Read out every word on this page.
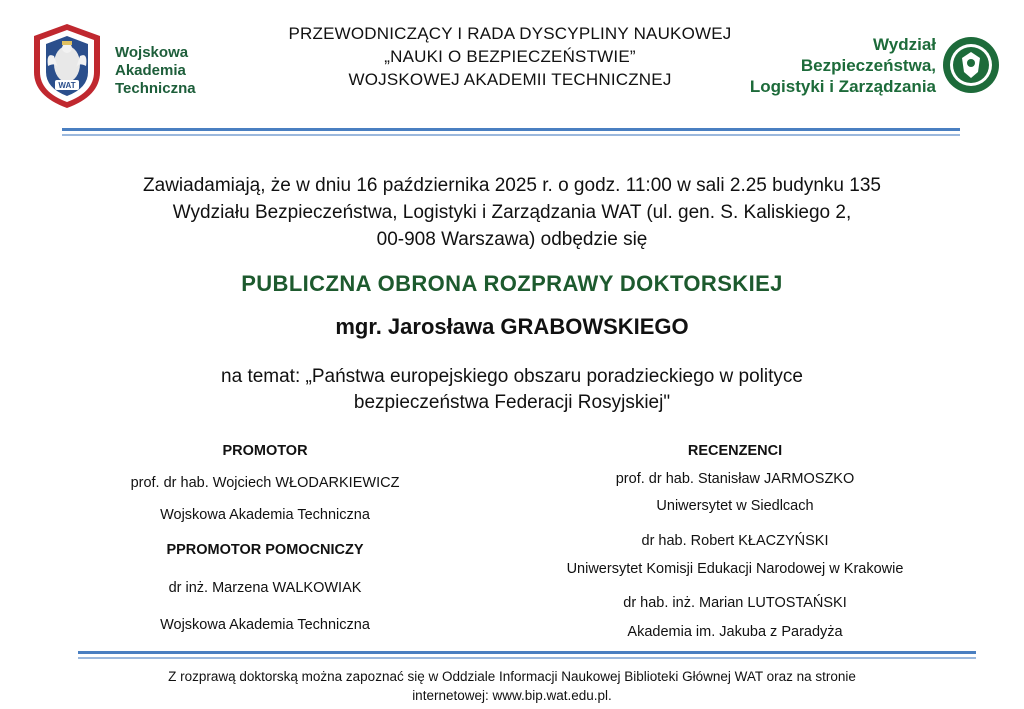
WAT
Wojskowa
Akademia
Techniczna
PRZEWODNICZĄCY I RADA DYSCYPLINY NAUKOWEJ
„NAUKI O BEZPIECZEŃSTWIE”
WOJSKOWEJ AKADEMII TECHNICZNEJ
Wydział
Bezpieczeństwa,
Logistyki i Zarządzania
Zawiadamiają, że w dniu 16 października 2025 r. o godz. 11:00 w sali 2.25 budynku 135
Wydziału Bezpieczeństwa, Logistyki i Zarządzania WAT (ul. gen. S. Kaliskiego 2,
00-908 Warszawa) odbędzie się
PUBLICZNA OBRONA ROZPRAWY DOKTORSKIEJ
mgr. Jarosława GRABOWSKIEGO
na temat: „Państwa europejskiego obszaru poradzieckiego w polityce
bezpieczeństwa Federacji Rosyjskiej"
PROMOTOR
prof. dr hab. Wojciech WŁODARKIEWICZ
Wojskowa Akademia Techniczna
PPROMOTOR POMOCNICZY
dr inż. Marzena WALKOWIAK
Wojskowa Akademia Techniczna
RECENZENCI
prof. dr hab. Stanisław JARMOSZKO
Uniwersytet w Siedlcach
dr hab. Robert KŁACZYŃSKI
Uniwersytet Komisji Edukacji Narodowej w Krakowie
dr hab. inż. Marian LUTOSTAŃSKI
Akademia im. Jakuba z Paradyża
Z rozprawą doktorską można zapoznać się w Oddziale Informacji Naukowej Biblioteki Głównej WAT oraz na stronie
internetowej: www.bip.wat.edu.pl.
